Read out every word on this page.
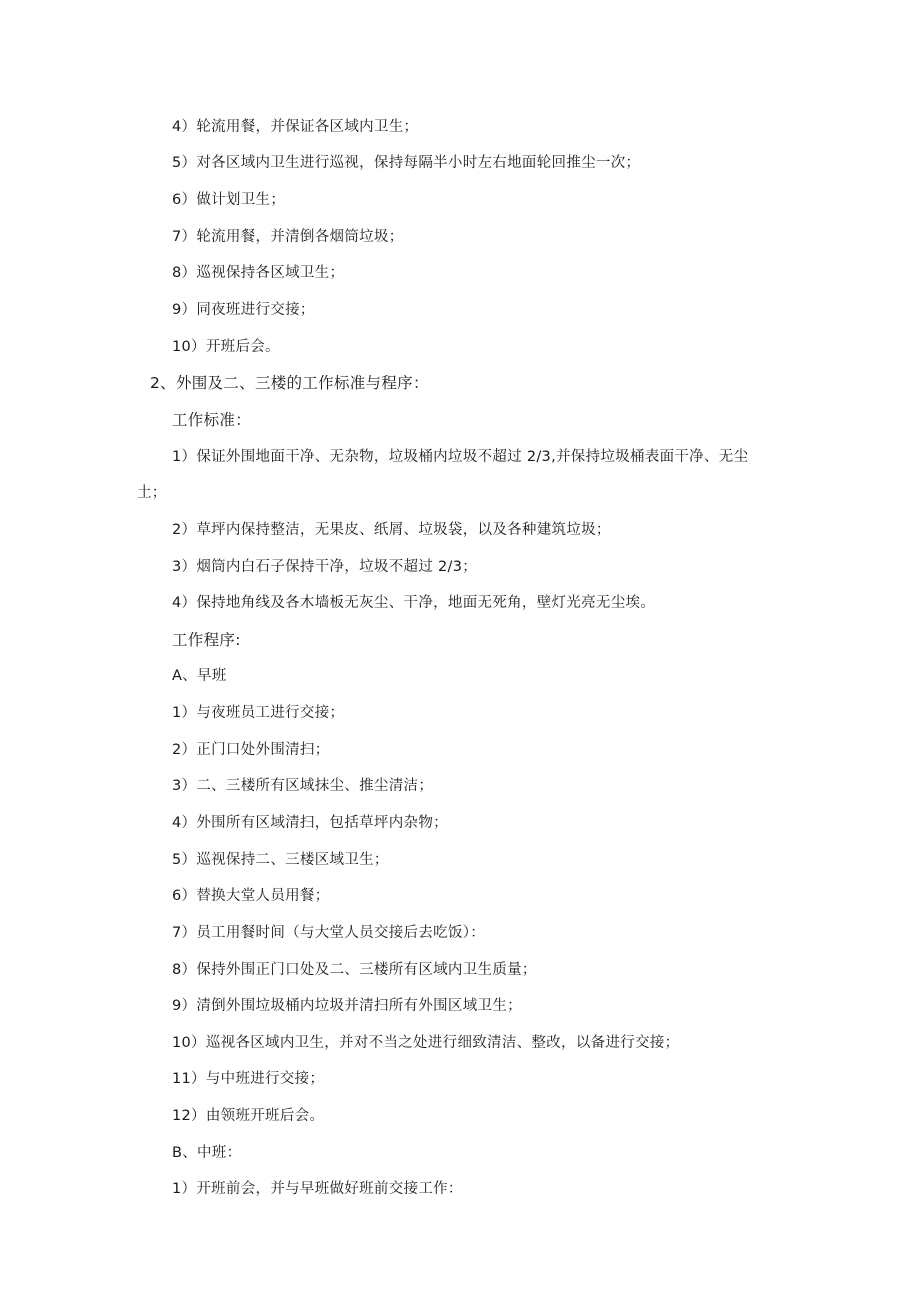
4）轮流用餐，并保证各区域内卫生；
5）对各区域内卫生进行巡视，保持每隔半小时左右地面轮回推尘一次；
6）做计划卫生；
7）轮流用餐，并清倒各烟筒垃圾；
8）巡视保持各区域卫生；
9）同夜班进行交接；
10）开班后会。
2、外围及二、三楼的工作标准与程序：
工作标准：
1）保证外围地面干净、无杂物，垃圾桶内垃圾不超过 2/3,并保持垃圾桶表面干净、无尘
土；
2）草坪内保持整洁，无果皮、纸屑、垃圾袋，以及各种建筑垃圾；
3）烟筒内白石子保持干净，垃圾不超过 2/3；
4）保持地角线及各木墙板无灰尘、干净，地面无死角，壁灯光亮无尘埃。
工作程序:
A、早班
1）与夜班员工进行交接；
2）正门口处外围清扫；
3）二、三楼所有区域抹尘、推尘清洁；
4）外围所有区域清扫，包括草坪内杂物；
5）巡视保持二、三楼区域卫生；
6）替换大堂人员用餐；
7）员工用餐时间（与大堂人员交接后去吃饭）：
8）保持外围正门口处及二、三楼所有区域内卫生质量；
9）清倒外围垃圾桶内垃圾并清扫所有外围区域卫生；
10）巡视各区域内卫生，并对不当之处进行细致清洁、整改，以备进行交接；
11）与中班进行交接；
12）由领班开班后会。
B、中班：
1）开班前会，并与早班做好班前交接工作：
